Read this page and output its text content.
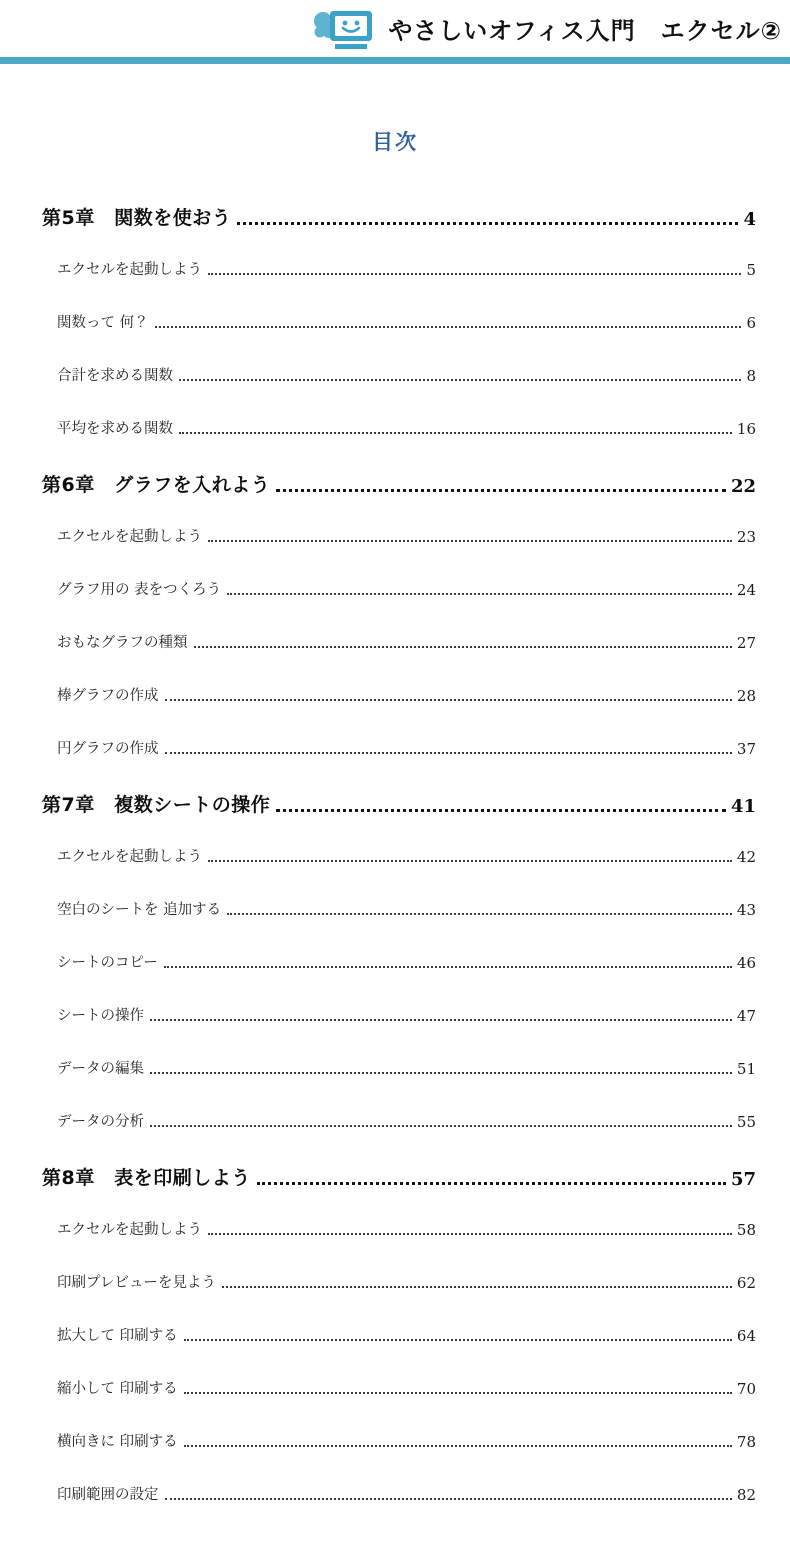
やさしいオフィス入門　エクセル②
目次
第5章　関数を使おう	4
エクセルを起動しよう	5
関数って 何？	6
合計を求める関数	8
平均を求める関数	16
第6章　グラフを入れよう	22
エクセルを起動しよう	23
グラフ用の 表をつくろう	24
おもなグラフの種類	27
棒グラフの作成	28
円グラフの作成	37
第7章　複数シートの操作	41
エクセルを起動しよう	42
空白のシートを 追加する	43
シートのコピー	46
シートの操作	47
データの編集	51
データの分析	55
第8章　表を印刷しよう	57
エクセルを起動しよう	58
印刷プレビューを見よう	62
拡大して 印刷する	64
縮小して 印刷する	70
横向きに 印刷する	78
印刷範囲の設定	82
